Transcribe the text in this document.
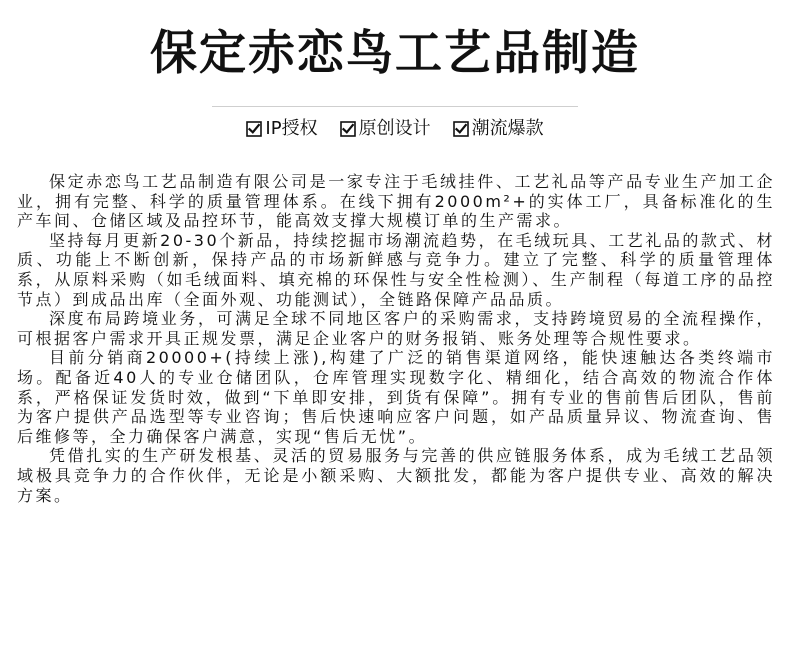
保定赤恋鸟工艺品制造
IP授权 原创设计 潮流爆款

保定赤恋鸟工艺品制造有限公司是一家专注于毛绒挂件、工艺礼品等产品专业生产加工企业，拥有完整、科学的质量管理体系。在线下拥有2000m²+的实体工厂，具备标准化的生产车间、仓储区域及品控环节，能高效支撑大规模订单的生产需求。

坚持每月更新20-30个新品，持续挖掘市场潮流趋势，在毛绒玩具、工艺礼品的款式、材质、功能上不断创新，保持产品的市场新鲜感与竞争力。建立了完整、科学的质量管理体系，从原料采购（如毛绒面料、填充棉的环保性与安全性检测）、生产制程（每道工序的品控节点）到成品出库（全面外观、功能测试），全链路保障产品品质。

深度布局跨境业务，可满足全球不同地区客户的采购需求，支持跨境贸易的全流程操作，可根据客户需求开具正规发票，满足企业客户的财务报销、账务处理等合规性要求。

目前分销商20000+(持续上涨),构建了广泛的销售渠道网络，能快速触达各类终端市场。配备近40人的专业仓储团队，仓库管理实现数字化、精细化，结合高效的物流合作体系，严格保证发货时效，做到“下单即安排，到货有保障”。拥有专业的售前售后团队，售前为客户提供产品选型等专业咨询；售后快速响应客户问题，如产品质量异议、物流查询、售后维修等，全力确保客户满意，实现“售后无忧”。

凭借扎实的生产研发根基、灵活的贸易服务与完善的供应链服务体系，成为毛绒工艺品领域极具竞争力的合作伙伴，无论是小额采购、大额批发，都能为客户提供专业、高效的解决方案。
